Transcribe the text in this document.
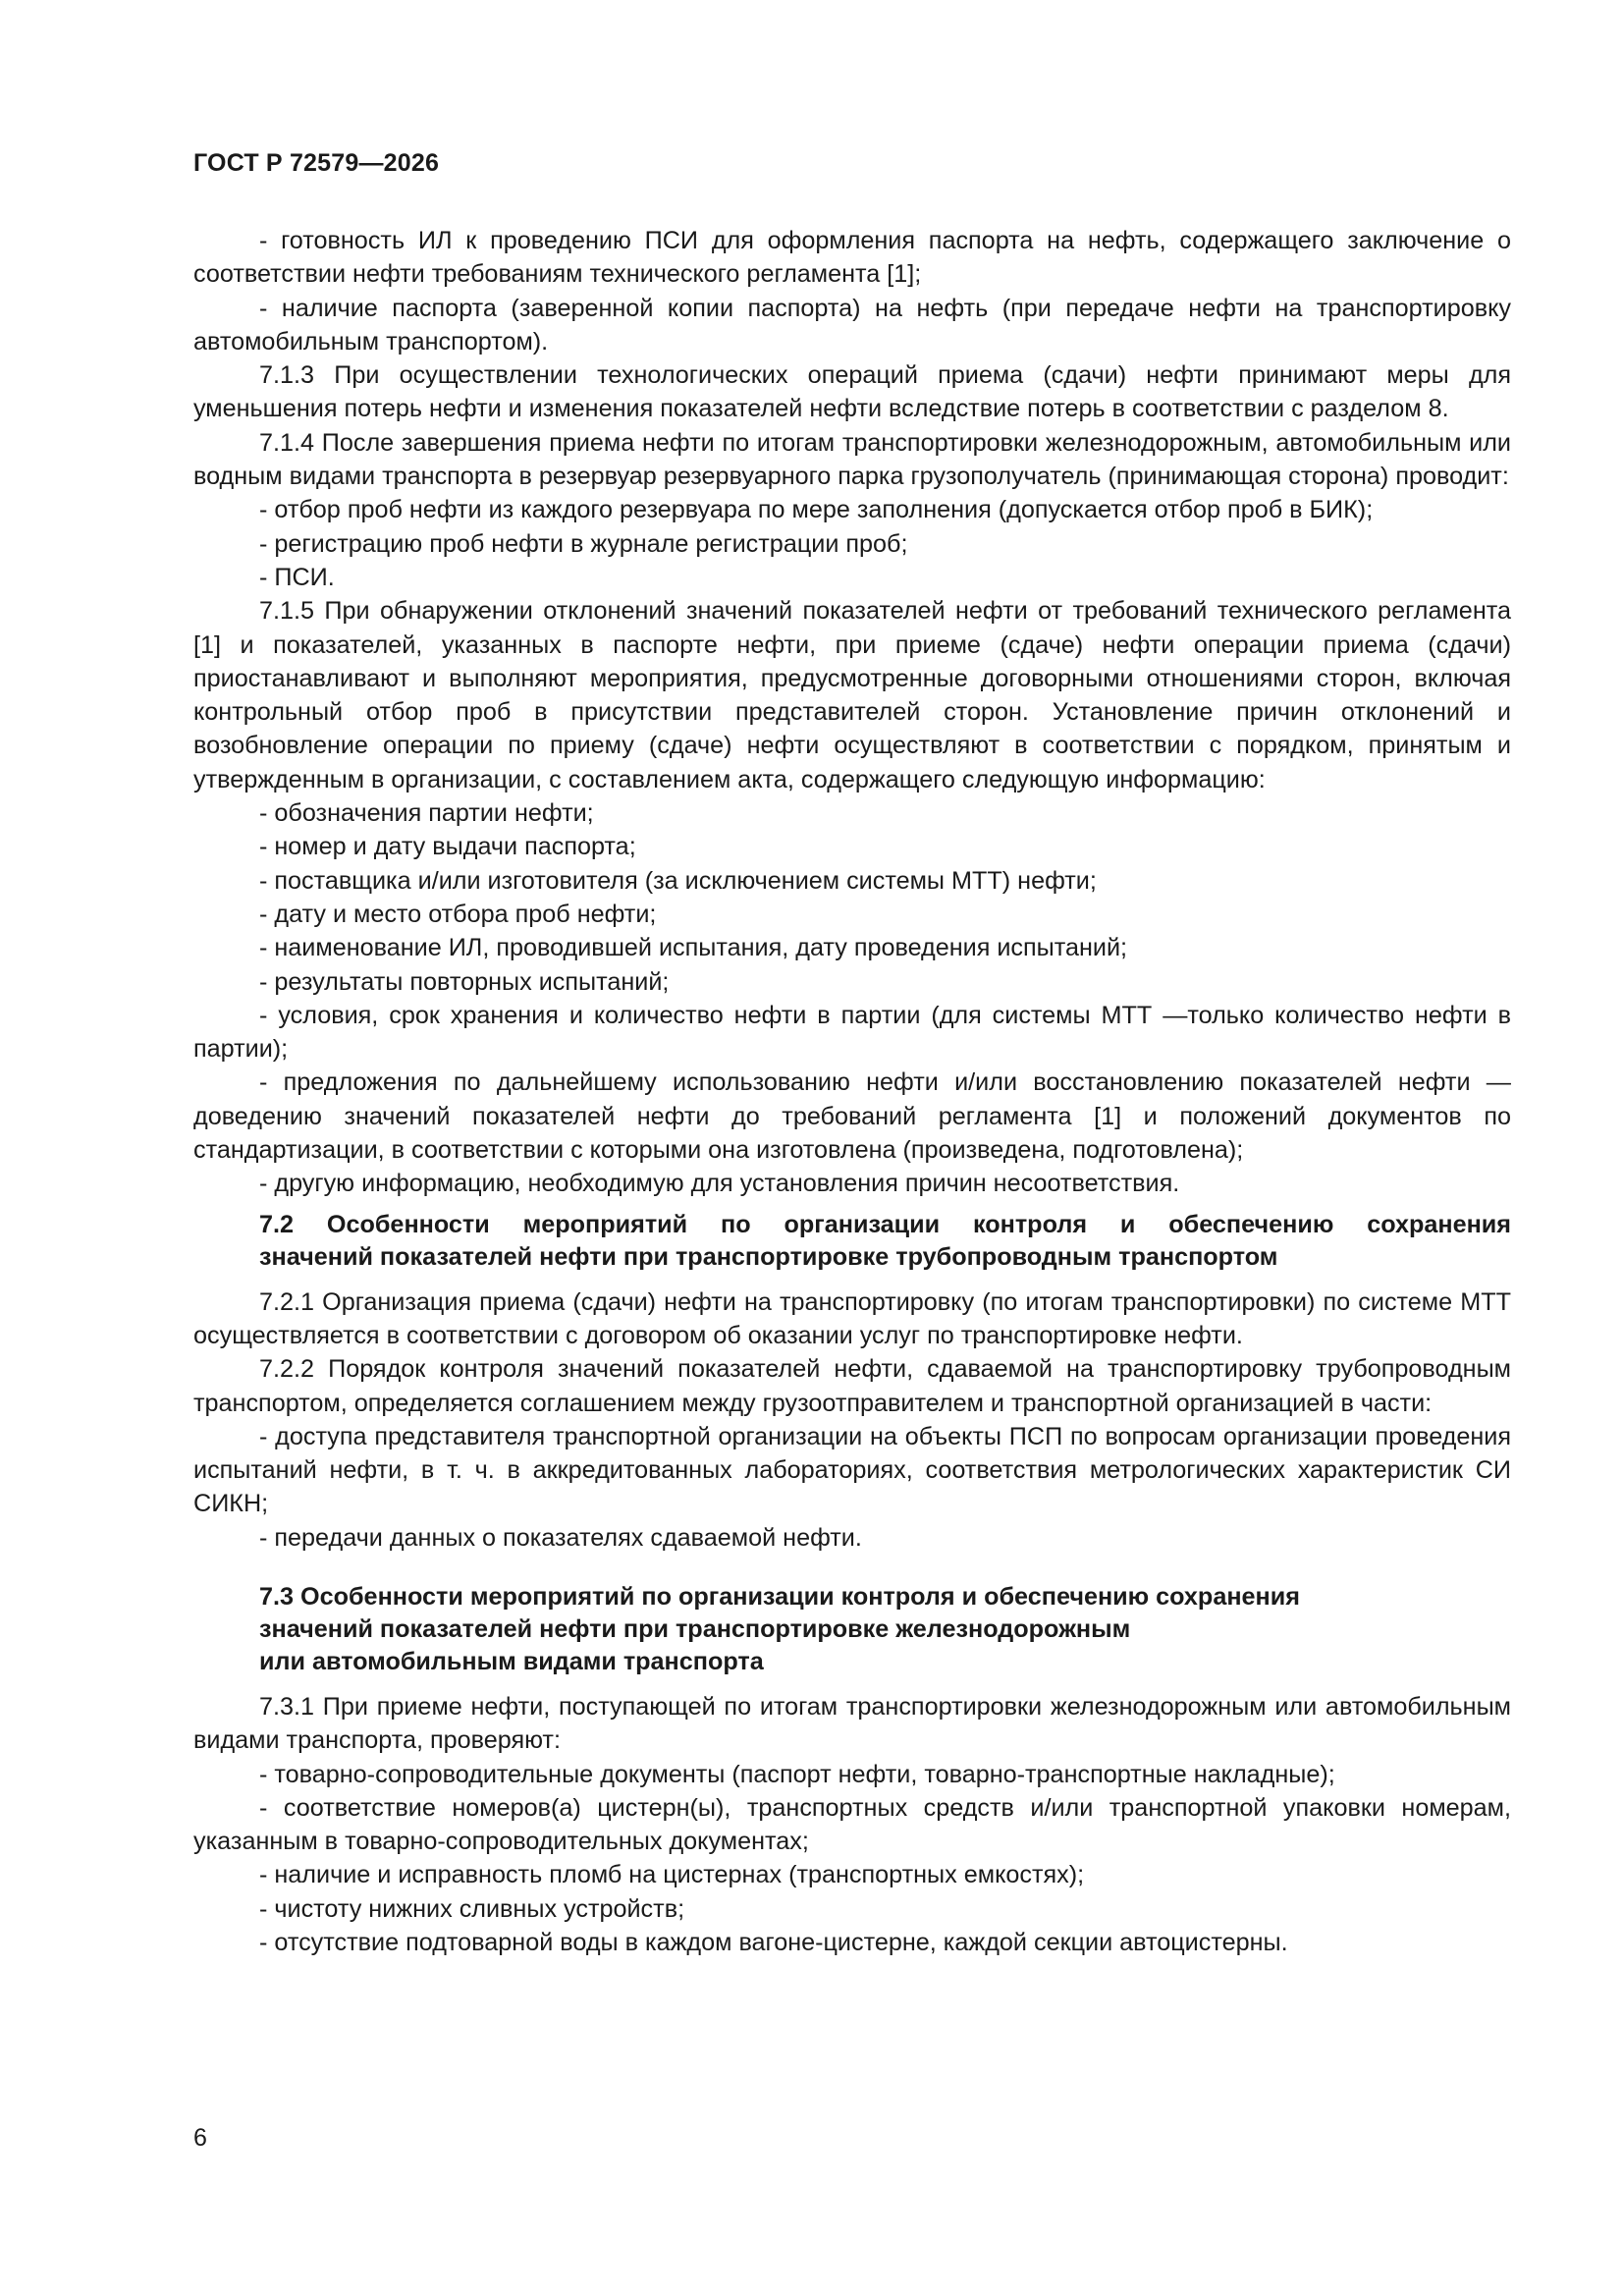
ГОСТ Р 72579—2026

- готовность ИЛ к проведению ПСИ для оформления паспорта на нефть, содержащего заключение о соответствии нефти требованиям технического регламента [1];

- наличие паспорта (заверенной копии паспорта) на нефть (при передаче нефти на транспортировку автомобильным транспортом).

7.1.3 При осуществлении технологических операций приема (сдачи) нефти принимают меры для уменьшения потерь нефти и изменения показателей нефти вследствие потерь в соответствии с разделом 8.

7.1.4 После завершения приема нефти по итогам транспортировки железнодорожным, автомобильным или водным видами транспорта в резервуар резервуарного парка грузополучатель (принимающая сторона) проводит:

- отбор проб нефти из каждого резервуара по мере заполнения (допускается отбор проб в БИК);

- регистрацию проб нефти в журнале регистрации проб;

- ПСИ.

7.1.5 При обнаружении отклонений значений показателей нефти от требований технического регламента [1] и показателей, указанных в паспорте нефти, при приеме (сдаче) нефти операции приема (сдачи) приостанавливают и выполняют мероприятия, предусмотренные договорными отношениями сторон, включая контрольный отбор проб в присутствии представителей сторон. Установление причин отклонений и возобновление операции по приему (сдаче) нефти осуществляют в соответствии с порядком, принятым и утвержденным в организации, с составлением акта, содержащего следующую информацию:

- обозначения партии нефти;

- номер и дату выдачи паспорта;

- поставщика и/или изготовителя (за исключением системы МТТ) нефти;

- дату и место отбора проб нефти;

- наименование ИЛ, проводившей испытания, дату проведения испытаний;

- результаты повторных испытаний;

- условия, срок хранения и количество нефти в партии (для системы МТТ —только количество нефти в партии);

- предложения по дальнейшему использованию нефти и/или восстановлению показателей нефти — доведению значений показателей нефти до требований регламента [1] и положений документов по стандартизации, в соответствии с которыми она изготовлена (произведена, подготовлена);

- другую информацию, необходимую для установления причин несоответствия.

7.2 Особенности мероприятий по организации контроля и обеспечению сохранения
значений показателей нефти при транспортировке трубопроводным транспортом

7.2.1 Организация приема (сдачи) нефти на транспортировку (по итогам транспортировки) по системе МТТ осуществляется в соответствии с договором об оказании услуг по транспортировке нефти.

7.2.2 Порядок контроля значений показателей нефти, сдаваемой на транспортировку трубопроводным транспортом, определяется соглашением между грузоотправителем и транспортной организацией в части:

- доступа представителя транспортной организации на объекты ПСП по вопросам организации проведения испытаний нефти, в т. ч. в аккредитованных лабораториях, соответствия метрологических характеристик СИ СИКН;

- передачи данных о показателях сдаваемой нефти.

7.3 Особенности мероприятий по организации контроля и обеспечению сохранения
значений показателей нефти при транспортировке железнодорожным
или автомобильным видами транспорта

7.3.1 При приеме нефти, поступающей по итогам транспортировки железнодорожным или автомобильным видами транспорта, проверяют:

- товарно-сопроводительные документы (паспорт нефти, товарно-транспортные накладные);

- соответствие номеров(а) цистерн(ы), транспортных средств и/или транспортной упаковки номерам, указанным в товарно-сопроводительных документах;

- наличие и исправность пломб на цистернах (транспортных емкостях);

- чистоту нижних сливных устройств;

- отсутствие подтоварной воды в каждом вагоне-цистерне, каждой секции автоцистерны.

6
